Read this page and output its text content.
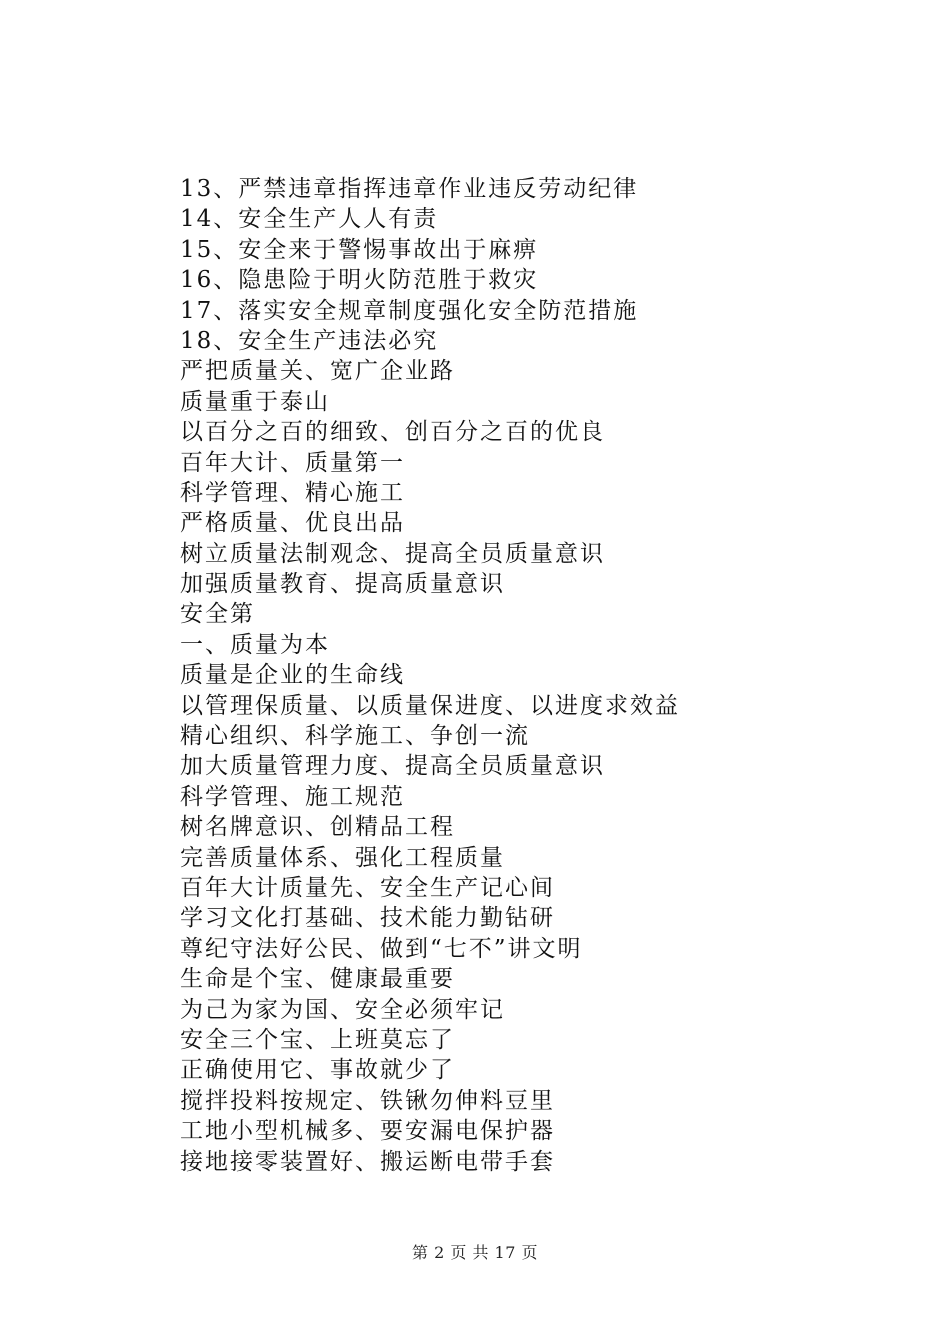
13、严禁违章指挥违章作业违反劳动纪律
14、安全生产人人有责
15、安全来于警惕事故出于麻痹
16、隐患险于明火防范胜于救灾
17、落实安全规章制度强化安全防范措施
18、安全生产违法必究
严把质量关、宽广企业路
质量重于泰山
以百分之百的细致、创百分之百的优良
百年大计、质量第一
科学管理、精心施工
严格质量、优良出品
树立质量法制观念、提高全员质量意识
加强质量教育、提高质量意识
安全第
一、质量为本
质量是企业的生命线
以管理保质量、以质量保进度、以进度求效益
精心组织、科学施工、争创一流
加大质量管理力度、提高全员质量意识
科学管理、施工规范
树名牌意识、创精品工程
完善质量体系、强化工程质量
百年大计质量先、安全生产记心间
学习文化打基础、技术能力勤钻研
尊纪守法好公民、做到“七不”讲文明
生命是个宝、健康最重要
为己为家为国、安全必须牢记
安全三个宝、上班莫忘了
正确使用它、事故就少了
搅拌投料按规定、铁锹勿伸料豆里
工地小型机械多、要安漏电保护器
接地接零装置好、搬运断电带手套
第 2 页 共 17 页
